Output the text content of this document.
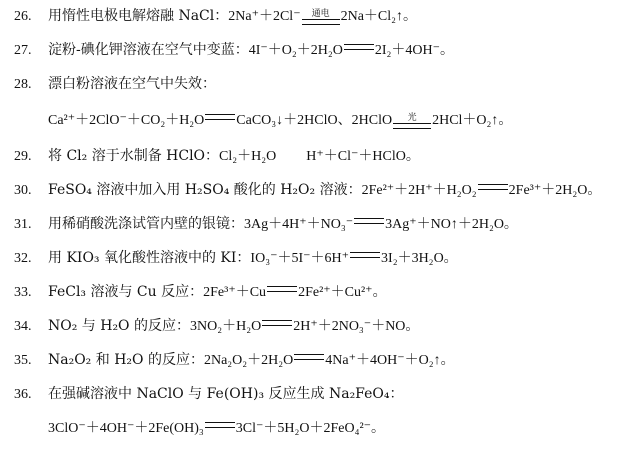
26. 用惰性电极电解熔融 NaCl：2Na⁺＋2Cl⁻ 通电 2Na＋Cl₂↑。
27. 淀粉-碘化钾溶液在空气中变蓝：4I⁻＋O₂＋2H₂O 2I₂＋4OH⁻。
28. 漂白粉溶液在空气中失效：
Ca²⁺＋2ClO⁻＋CO₂＋H₂O CaCO₃↓＋2HClO、2HClO 光 2HCl＋O₂↑。
29. 将 Cl₂ 溶于水制备 HClO：Cl₂＋H₂O H⁺＋Cl⁻＋HClO。
30. FeSO₄ 溶液中加入用 H₂SO₄ 酸化的 H₂O₂ 溶液：2Fe²⁺＋2H⁺＋H₂O₂ 2Fe³⁺＋2H₂O。
31. 用稀硝酸洗涤试管内壁的银镜：3Ag＋4H⁺＋NO₃⁻ 3Ag⁺＋NO↑＋2H₂O。
32. 用 KIO₃ 氧化酸性溶液中的 KI：IO₃⁻＋5I⁻＋6H⁺ 3I₂＋3H₂O。
33. FeCl₃ 溶液与 Cu 反应：2Fe³⁺＋Cu 2Fe²⁺＋Cu²⁺。
34. NO₂ 与 H₂O 的反应：3NO₂＋H₂O 2H⁺＋2NO₃⁻＋NO。
35. Na₂O₂ 和 H₂O 的反应：2Na₂O₂＋2H₂O 4Na⁺＋4OH⁻＋O₂↑。
36. 在强碱溶液中 NaClO 与 Fe(OH)₃ 反应生成 Na₂FeO₄：
3ClO⁻＋4OH⁻＋2Fe(OH)₃ 3Cl⁻＋5H₂O＋2FeO₄²⁻。
